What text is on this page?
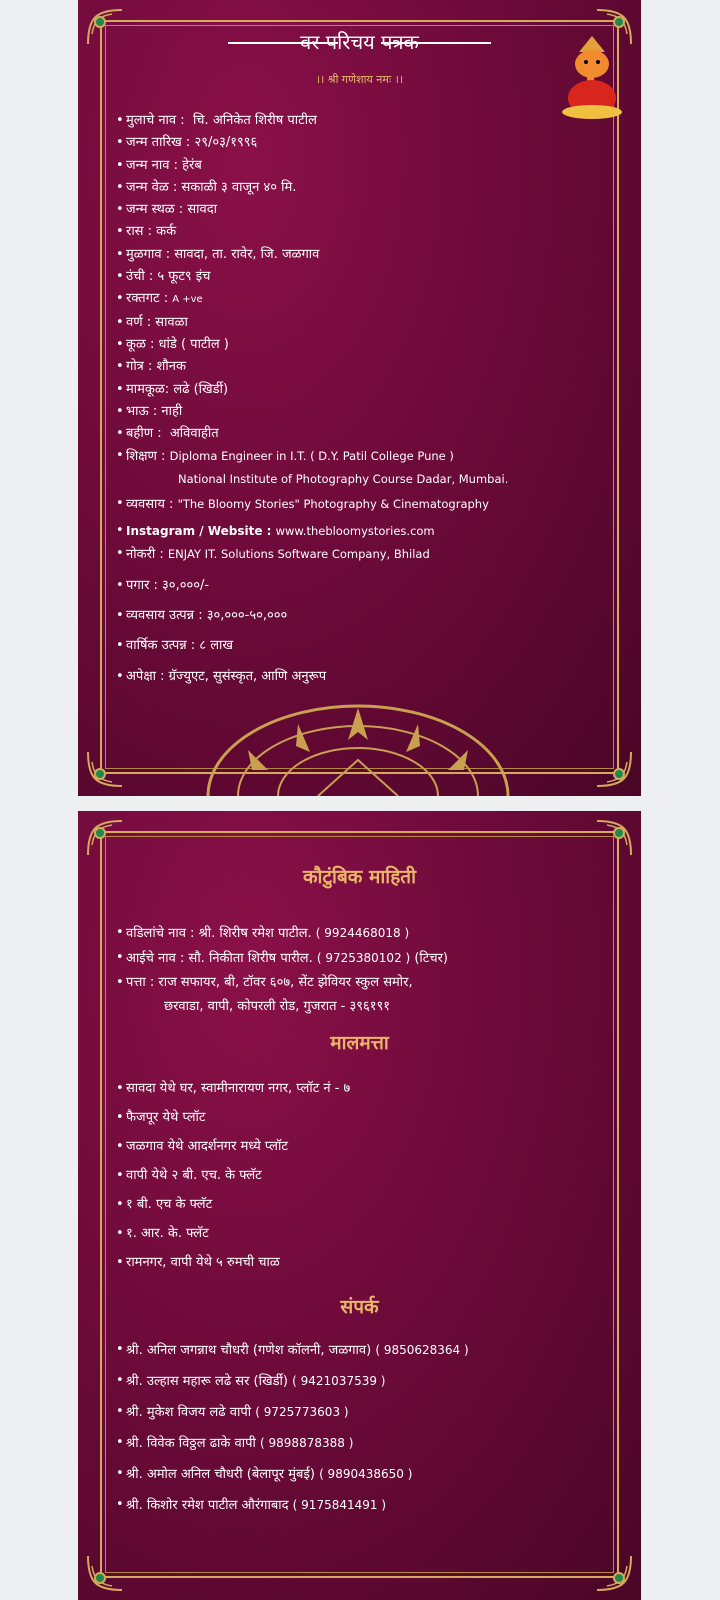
वर परिचय पत्रक
।। श्री गणेशाय नमः ।।
• मुलाचे नाव : चि. अनिकेत शिरीष पाटील
• जन्म तारिख : २९/०३/१९९६
• जन्म नाव : हेरंब
• जन्म वेळ : सकाळी ३ वाजून ४० मि.
• जन्म स्थळ : सावदा
• रास : कर्क
• मुळगाव : सावदा, ता. रावेर, जि. जळगाव
• उंची : ५ फूट९ इंच
• रक्तगट : A +ve
• वर्ण : सावळा
• कूळ : धांडे ( पाटील )
• गोत्र : शौनक
• मामकूळ: लढे (खिर्डी)
• भाऊ : नाही
• बहीण : अविवाहीत
• शिक्षण : Diploma Engineer in I.T. ( D.Y. Patil College Pune )
National Institute of Photography Course Dadar, Mumbai.
• व्यवसाय : "The Bloomy Stories" Photography & Cinematography
• Instagram / Website : www.thebloomystories.com
• नोकरी : ENJAY IT. Solutions Software Company, Bhilad
• पगार : ३०,०००/-
• व्यवसाय उत्पन्न : ३०,०००-५०,०००
• वार्षिक उत्पन्न : ८ लाख
• अपेक्षा : ग्रॅज्युएट, सुसंस्कृत, आणि अनुरूप
कौटुंबिक माहिती
• वडिलांचे नाव : श्री. शिरीष रमेश पाटील. ( 9924468018 )
• आईचे नाव : सौ. निकीता शिरीष पारील. ( 9725380102 ) (टिचर)
• पत्ता : राज सफायर, बी, टॉवर ६०७, सेंट झेवियर स्कुल समोर,
छरवाडा, वापी, कोपरली रोड, गुजरात - ३९६१९१
मालमत्ता
• सावदा येथे घर, स्वामीनारायण नगर, प्लॉट नं - ७
• फैजपूर येथे प्लॉट
• जळगाव येथे आदर्शनगर मध्ये प्लॉट
• वापी येथे २ बी. एच. के फ्लॅट
• १ बी. एच के फ्लॅट
• १. आर. के. फ्लॅट
• रामनगर, वापी येथे ५ रुमची चाळ
संपर्क
• श्री. अनिल जगन्नाथ चौधरी (गणेश कॉलनी, जळगाव) ( 9850628364 )
• श्री. उल्हास महारू लढे सर (खिर्डी) ( 9421037539 )
• श्री. मुकेश विजय लढे वापी ( 9725773603 )
• श्री. विवेक विठ्ठल ढाके वापी ( 9898878388 )
• श्री. अमोल अनिल चौधरी (बेलापूर मुंबई) ( 9890438650 )
• श्री. किशोर रमेश पाटील औरंगाबाद ( 9175841491 )
